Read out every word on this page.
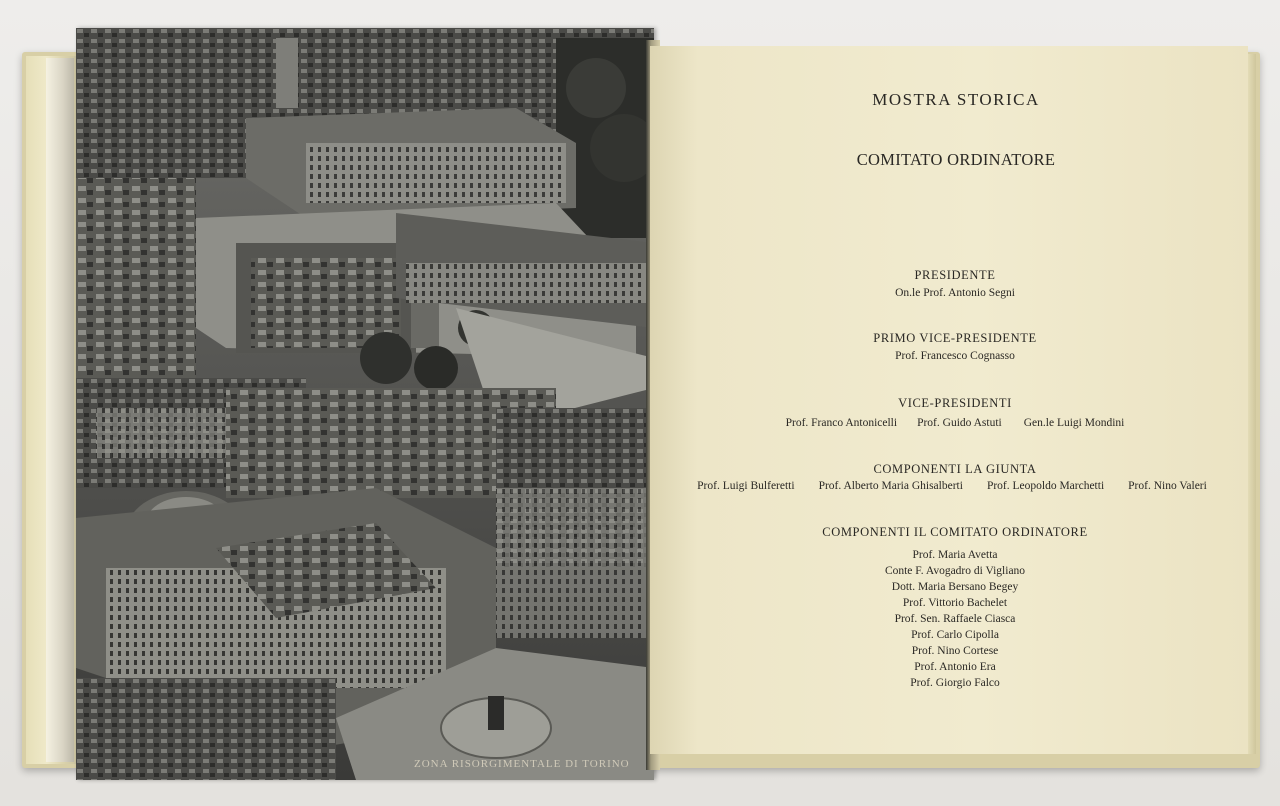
ZONA RISORGIMENTALE DI TORINO
MOSTRA STORICA
COMITATO ORDINATORE
PRESIDENTE
On.le Prof. Antonio Segni
PRIMO VICE-PRESIDENTE
Prof. Francesco Cognasso
VICE-PRESIDENTI
Prof. Franco Antonicelli Prof. Guido Astuti Gen.le Luigi Mondini
COMPONENTI LA GIUNTA
Prof. Luigi Bulferetti Prof. Alberto Maria Ghisalberti Prof. Leopoldo Marchetti Prof. Nino Valeri
COMPONENTI IL COMITATO ORDINATORE
Prof. Maria Avetta
Conte F. Avogadro di Vigliano
Dott. Maria Bersano Begey
Prof. Vittorio Bachelet
Prof. Sen. Raffaele Ciasca
Prof. Carlo Cipolla
Prof. Nino Cortese
Prof. Antonio Era
Prof. Giorgio Falco
